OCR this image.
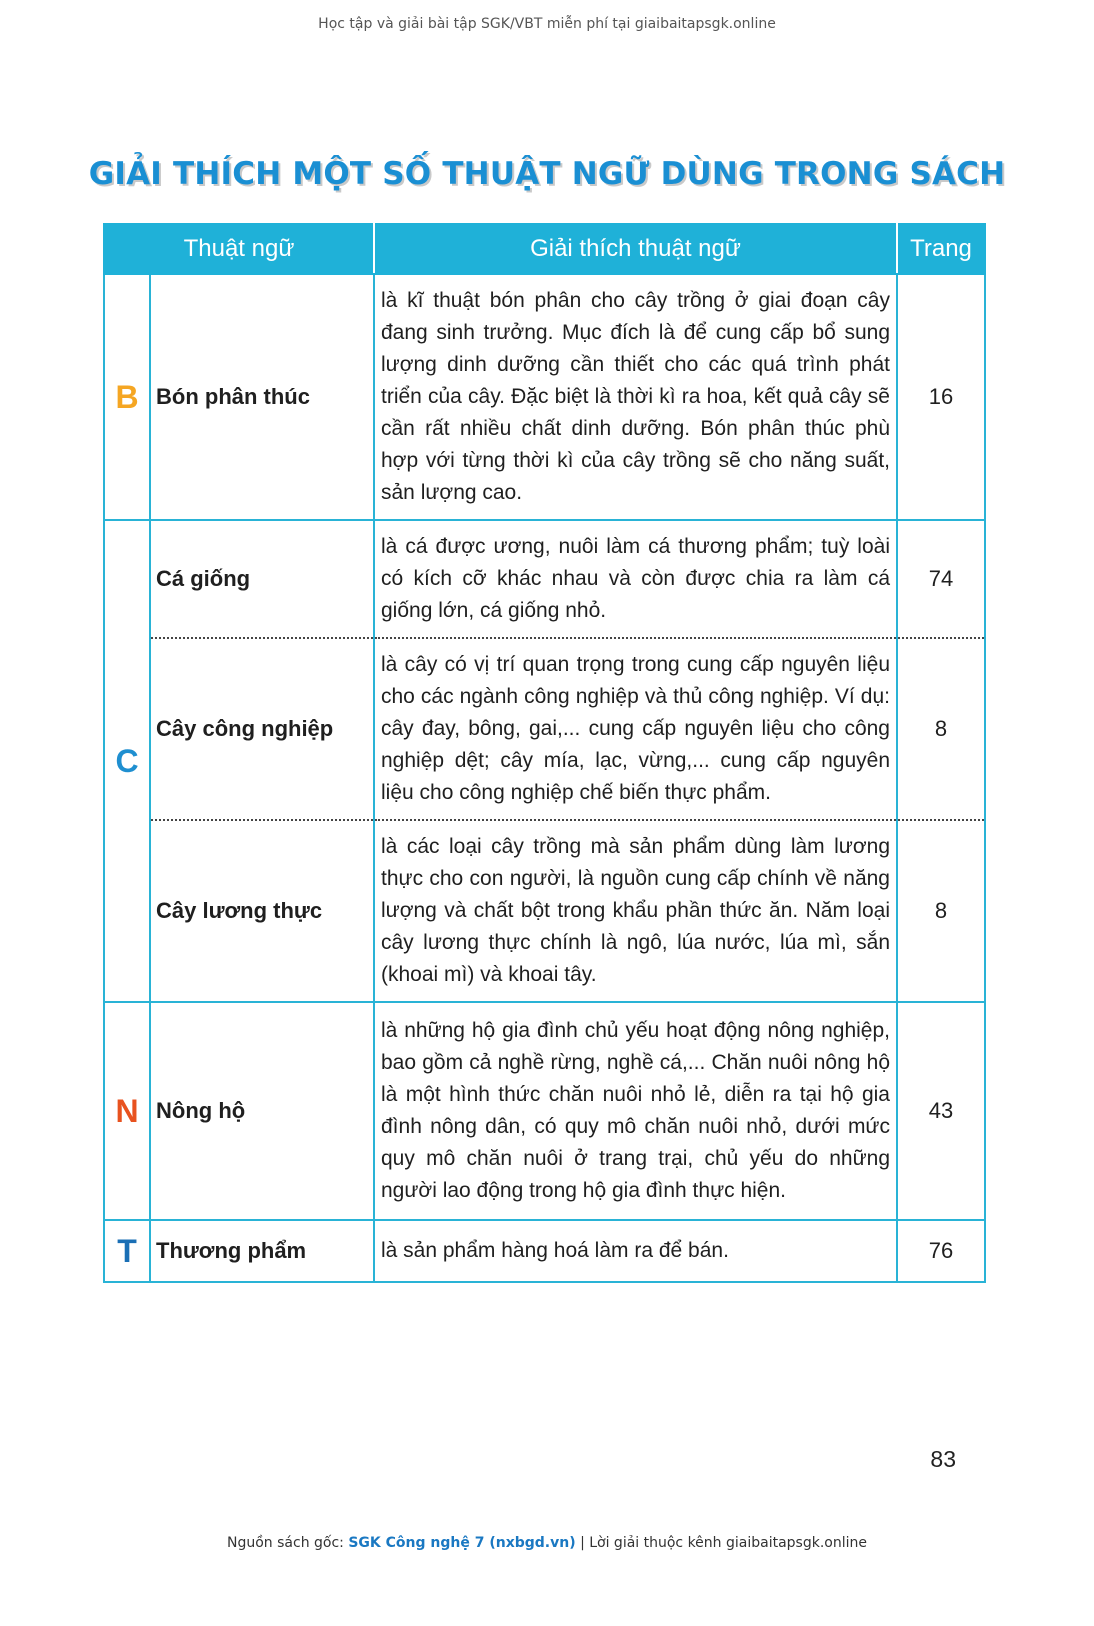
Học tập và giải bài tập SGK/VBT miễn phí tại giaibaitapsgk.online
GIẢI THÍCH MỘT SỐ THUẬT NGỮ DÙNG TRONG SÁCH
Thuật ngữ		Giải thích thuật ngữ	Trang
B	Bón phân thúc	là kĩ thuật bón phân cho cây trồng ở giai đoạn cây đang sinh trưởng. Mục đích là để cung cấp bổ sung lượng dinh dưỡng cần thiết cho các quá trình phát triển của cây. Đặc biệt là thời kì ra hoa, kết quả cây sẽ cần rất nhiều chất dinh dưỡng. Bón phân thúc phù hợp với từng thời kì của cây trồng sẽ cho năng suất, sản lượng cao.	16
C	Cá giống	là cá được ương, nuôi làm cá thương phẩm; tuỳ loài có kích cỡ khác nhau và còn được chia ra làm cá giống lớn, cá giống nhỏ.	74
	Cây công nghiệp	là cây có vị trí quan trọng trong cung cấp nguyên liệu cho các ngành công nghiệp và thủ công nghiệp. Ví dụ: cây đay, bông, gai,... cung cấp nguyên liệu cho công nghiệp dệt; cây mía, lạc, vừng,... cung cấp nguyên liệu cho công nghiệp chế biến thực phẩm.	8
	Cây lương thực	là các loại cây trồng mà sản phẩm dùng làm lương thực cho con người, là nguồn cung cấp chính về năng lượng và chất bột trong khẩu phần thức ăn. Năm loại cây lương thực chính là ngô, lúa nước, lúa mì, sắn (khoai mì) và khoai tây.	8
N	Nông hộ	là những hộ gia đình chủ yếu hoạt động nông nghiệp, bao gồm cả nghề rừng, nghề cá,... Chăn nuôi nông hộ là một hình thức chăn nuôi nhỏ lẻ, diễn ra tại hộ gia đình nông dân, có quy mô chăn nuôi nhỏ, dưới mức quy mô chăn nuôi ở trang trại, chủ yếu do những người lao động trong hộ gia đình thực hiện.	43
T	Thương phẩm	là sản phẩm hàng hoá làm ra để bán.	76
83
Nguồn sách gốc: SGK Công nghệ 7 (nxbgd.vn) | Lời giải thuộc kênh giaibaitapsgk.online
